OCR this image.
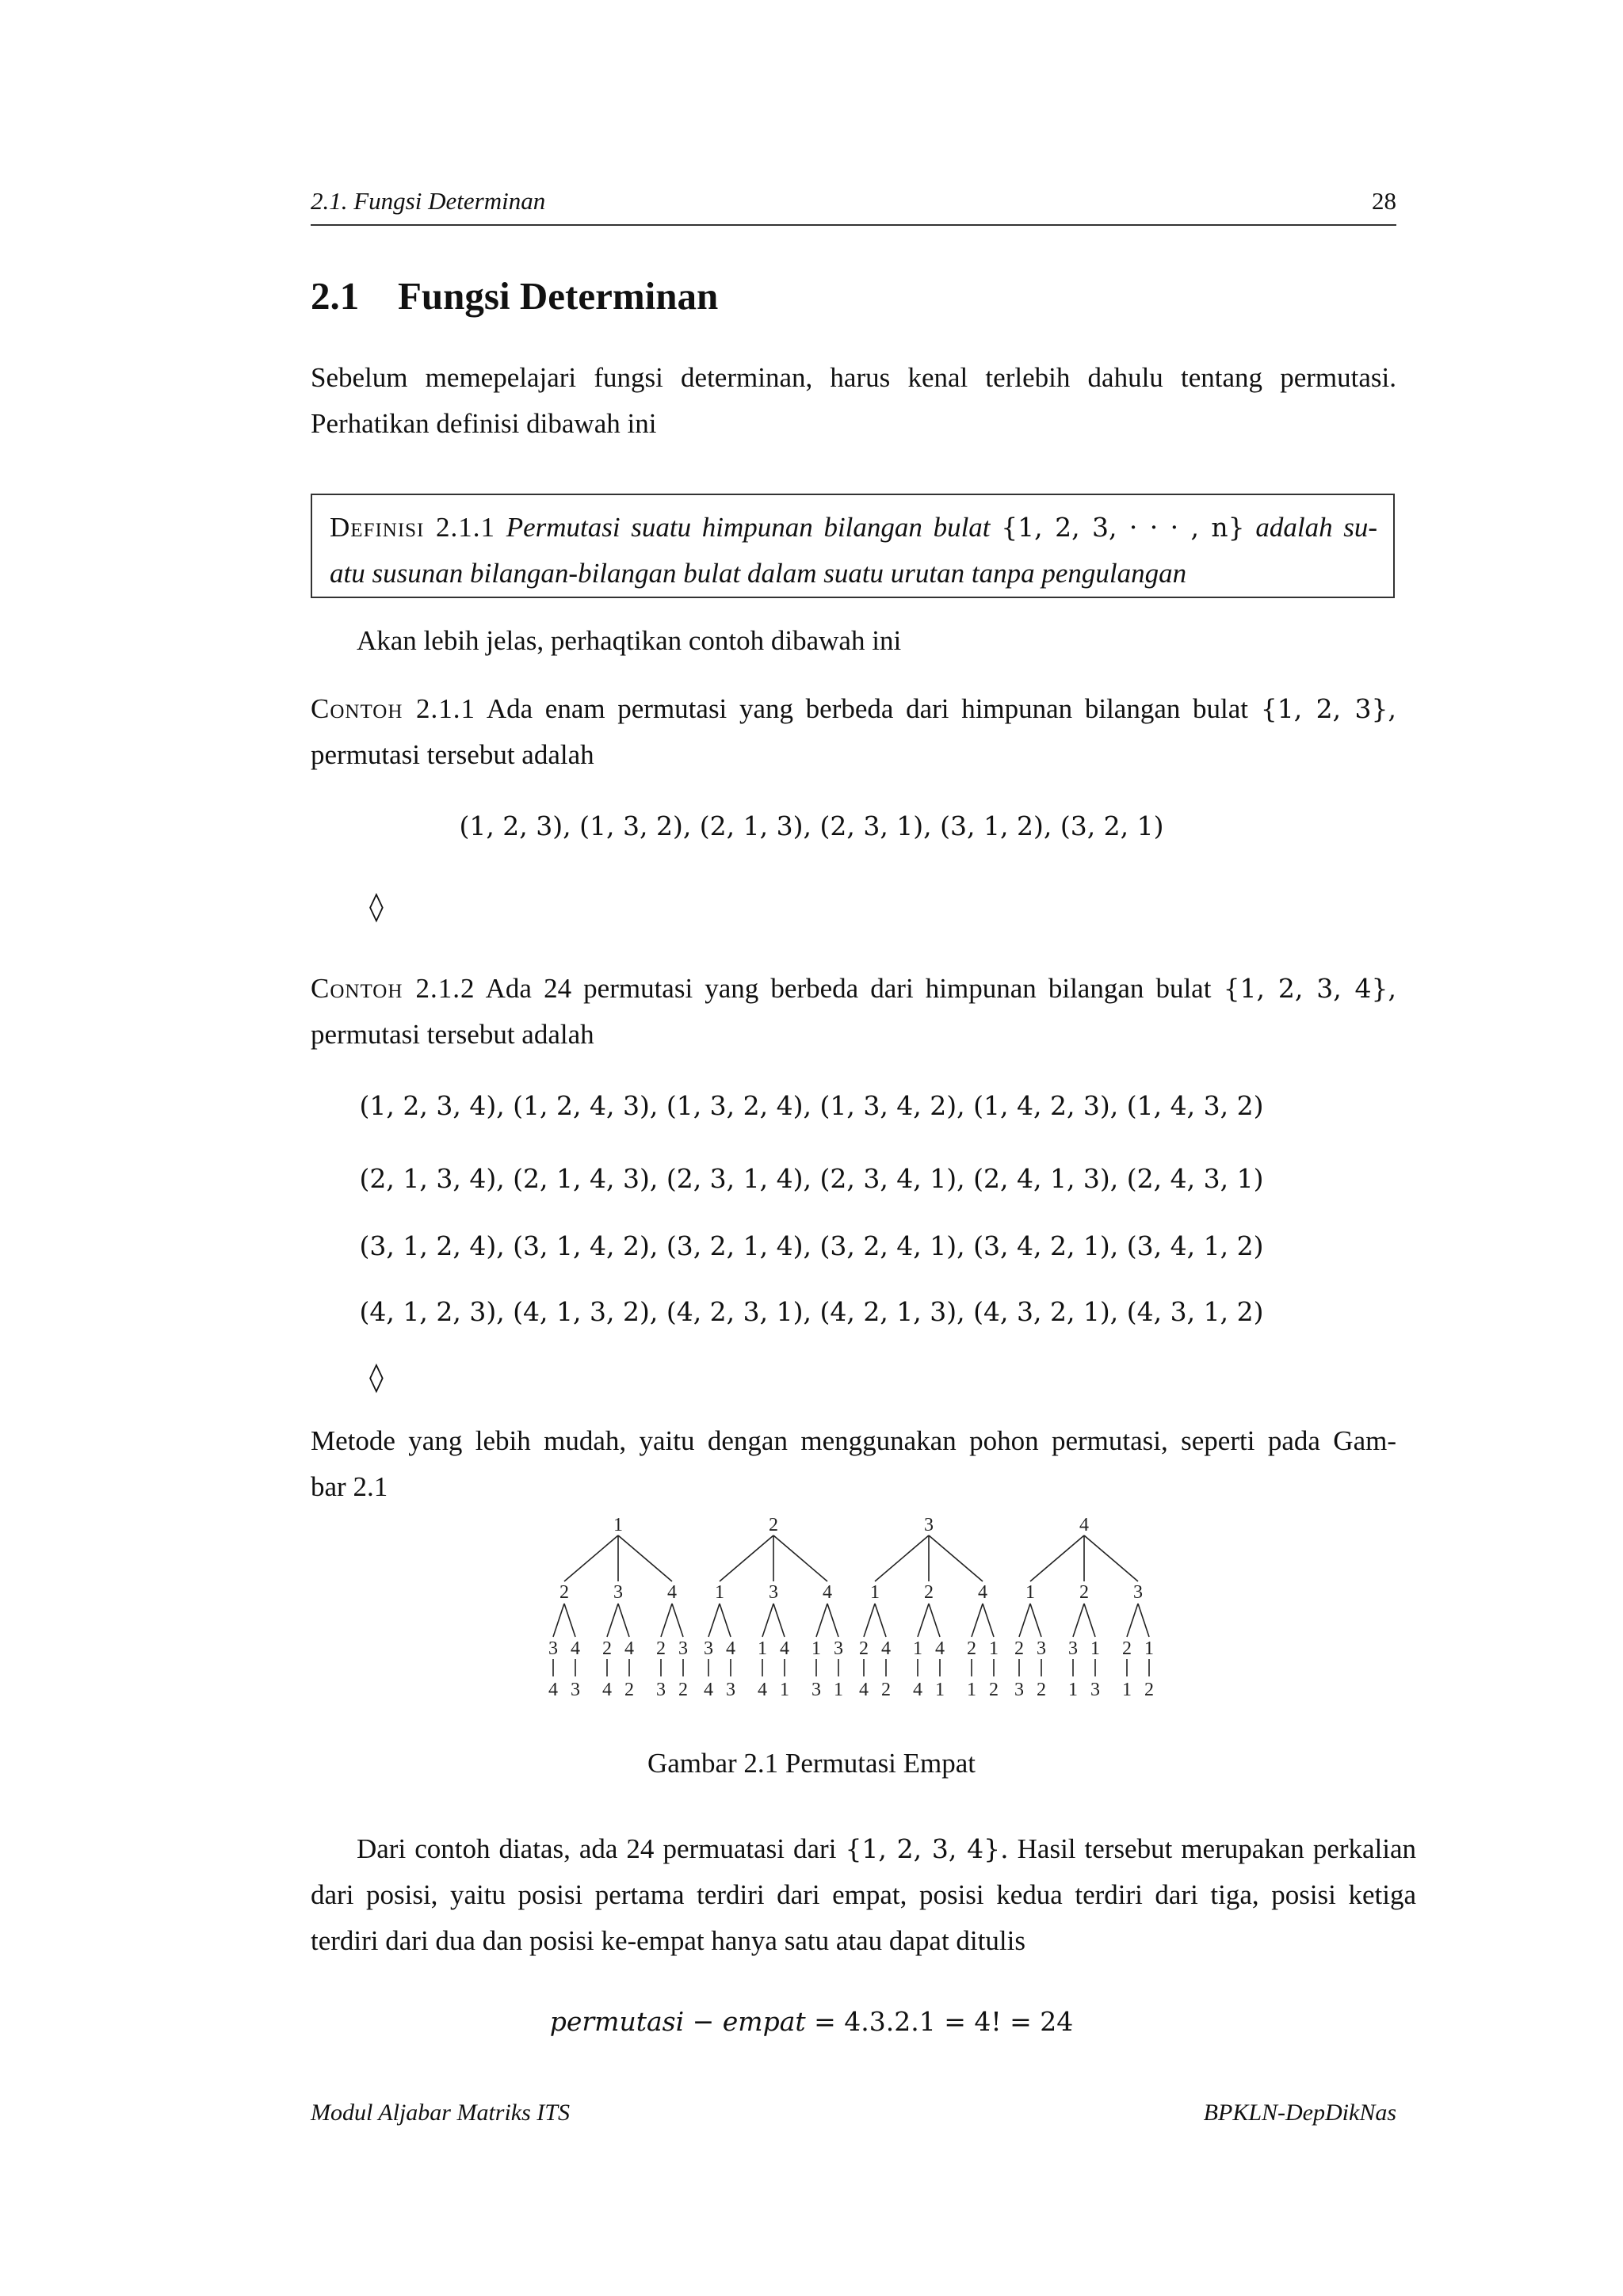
2.1. Fungsi Determinan	28
2.1 Fungsi Determinan
Sebelum memepelajari fungsi determinan, harus kenal terlebih dahulu tentang permutasi.
Perhatikan definisi dibawah ini
Definisi 2.1.1 Permutasi suatu himpunan bilangan bulat {1, 2, 3, · · · , n} adalah su-
atu susunan bilangan-bilangan bulat dalam suatu urutan tanpa pengulangan
Akan lebih jelas, perhaqtikan contoh dibawah ini
Contoh 2.1.1 Ada enam permutasi yang berbeda dari himpunan bilangan bulat {1, 2, 3},
permutasi tersebut adalah
(1, 2, 3), (1, 3, 2), (2, 1, 3), (2, 3, 1), (3, 1, 2), (3, 2, 1)
◊
Contoh 2.1.2 Ada 24 permutasi yang berbeda dari himpunan bilangan bulat {1, 2, 3, 4},
permutasi tersebut adalah
(1, 2, 3, 4), (1, 2, 4, 3), (1, 3, 2, 4), (1, 3, 4, 2), (1, 4, 2, 3), (1, 4, 3, 2)
(2, 1, 3, 4), (2, 1, 4, 3), (2, 3, 1, 4), (2, 3, 4, 1), (2, 4, 1, 3), (2, 4, 3, 1)
(3, 1, 2, 4), (3, 1, 4, 2), (3, 2, 1, 4), (3, 2, 4, 1), (3, 4, 2, 1), (3, 4, 1, 2)
(4, 1, 2, 3), (4, 1, 3, 2), (4, 2, 3, 1), (4, 2, 1, 3), (4, 3, 2, 1), (4, 3, 1, 2)
◊
Metode yang lebih mudah, yaitu dengan menggunakan pohon permutasi, seperti pada Gam-
bar 2.1
1
2 3 4
3
4
4
3
2
4
4
2
2
3
3
2
2
1 3 4
3
4
4
3
1
4
4
1
1
3
3
1
3
1 2 4
2
4
4
2
1
4
4
1
2
1
1
2
4
1 2 3
2
3
3
2
3
1
1
3
2
1
1
2
Gambar 2.1 Permutasi Empat
Dari contoh diatas, ada 24 permuatasi dari {1, 2, 3, 4}. Hasil tersebut merupakan perkalian
dari posisi, yaitu posisi pertama terdiri dari empat, posisi kedua terdiri dari tiga, posisi ketiga
terdiri dari dua dan posisi ke-empat hanya satu atau dapat ditulis
permutasi − empat = 4.3.2.1 = 4! = 24
Modul Aljabar Matriks ITS	BPKLN-DepDikNas
